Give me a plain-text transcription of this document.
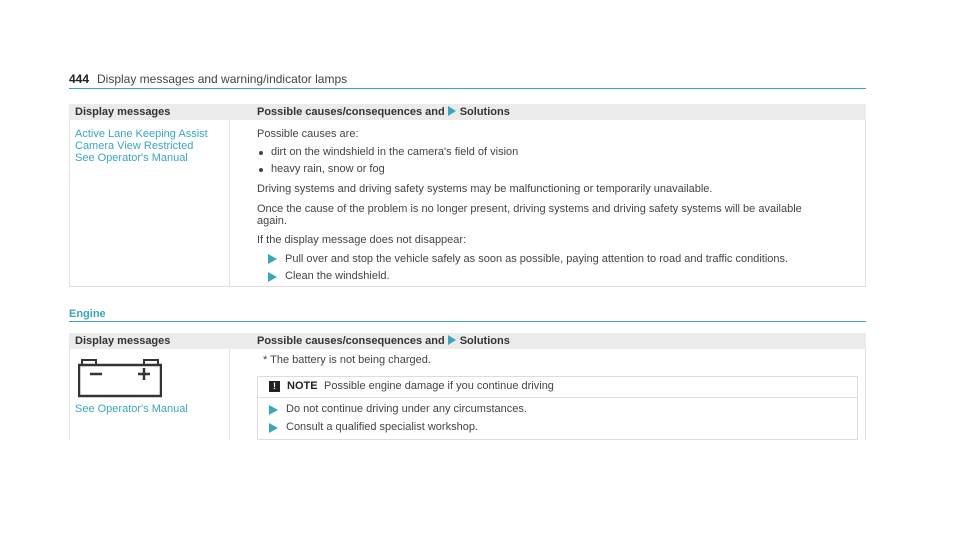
444 Display messages and warning/indicator lamps
Display messages	Possible causes/consequences and Solutions
Active Lane Keeping Assist
Camera View Restricted
See Operator's Manual
Possible causes are:
dirt on the windshield in the camera's field of vision
heavy rain, snow or fog
Driving systems and driving safety systems may be malfunctioning or temporarily unavailable.
Once the cause of the problem is no longer present, driving systems and driving safety systems will be available
again.
If the display message does not disappear:
Pull over and stop the vehicle safely as soon as possible, paying attention to road and traffic conditions.
Clean the windshield.
Engine
Display messages	Possible causes/consequences and Solutions
See Operator's Manual
* The battery is not being charged.
!	NOTE Possible engine damage if you continue driving
Do not continue driving under any circumstances.
Consult a qualified specialist workshop.
